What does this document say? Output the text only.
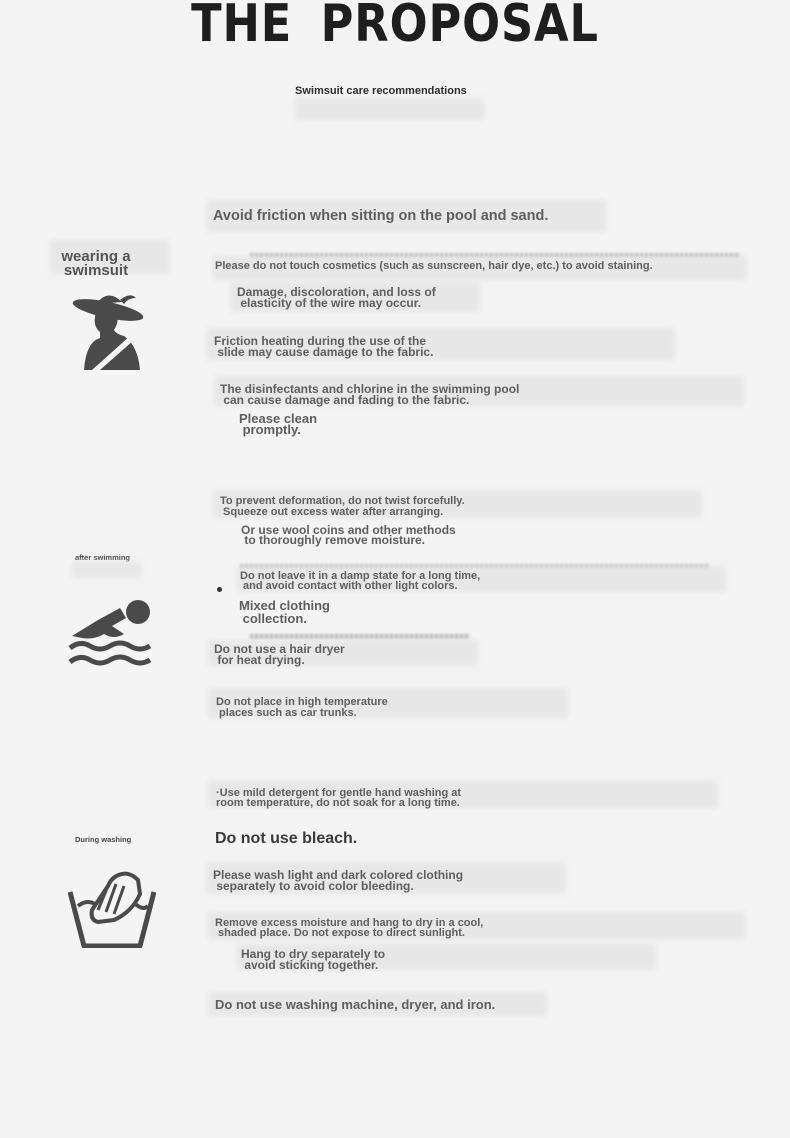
THE PROPOSAL
Swimsuit care recommendations
wearing a
swimsuit
Avoid friction when sitting on the pool and sand.
Please do not touch cosmetics (such as sunscreen, hair dye, etc.) to avoid staining.
Damage, discoloration, and loss of
elasticity of the wire may occur.
Friction heating during the use of the
slide may cause damage to the fabric.
The disinfectants and chlorine in the swimming pool
can cause damage and fading to the fabric.
Please clean
promptly.
after swimming
To prevent deformation, do not twist forcefully.
Squeeze out excess water after arranging.
Or use wool coins and other methods
to thoroughly remove moisture.
Do not leave it in a damp state for a long time,
and avoid contact with other light colors.
Mixed clothing
collection.
Do not use a hair dryer
for heat drying.
Do not place in high temperature
places such as car trunks.
During washing
·Use mild detergent for gentle hand washing at
room temperature, do not soak for a long time.
Do not use bleach.
Please wash light and dark colored clothing
separately to avoid color bleeding.
Remove excess moisture and hang to dry in a cool,
shaded place. Do not expose to direct sunlight.
Hang to dry separately to
avoid sticking together.
Do not use washing machine, dryer, and iron.
